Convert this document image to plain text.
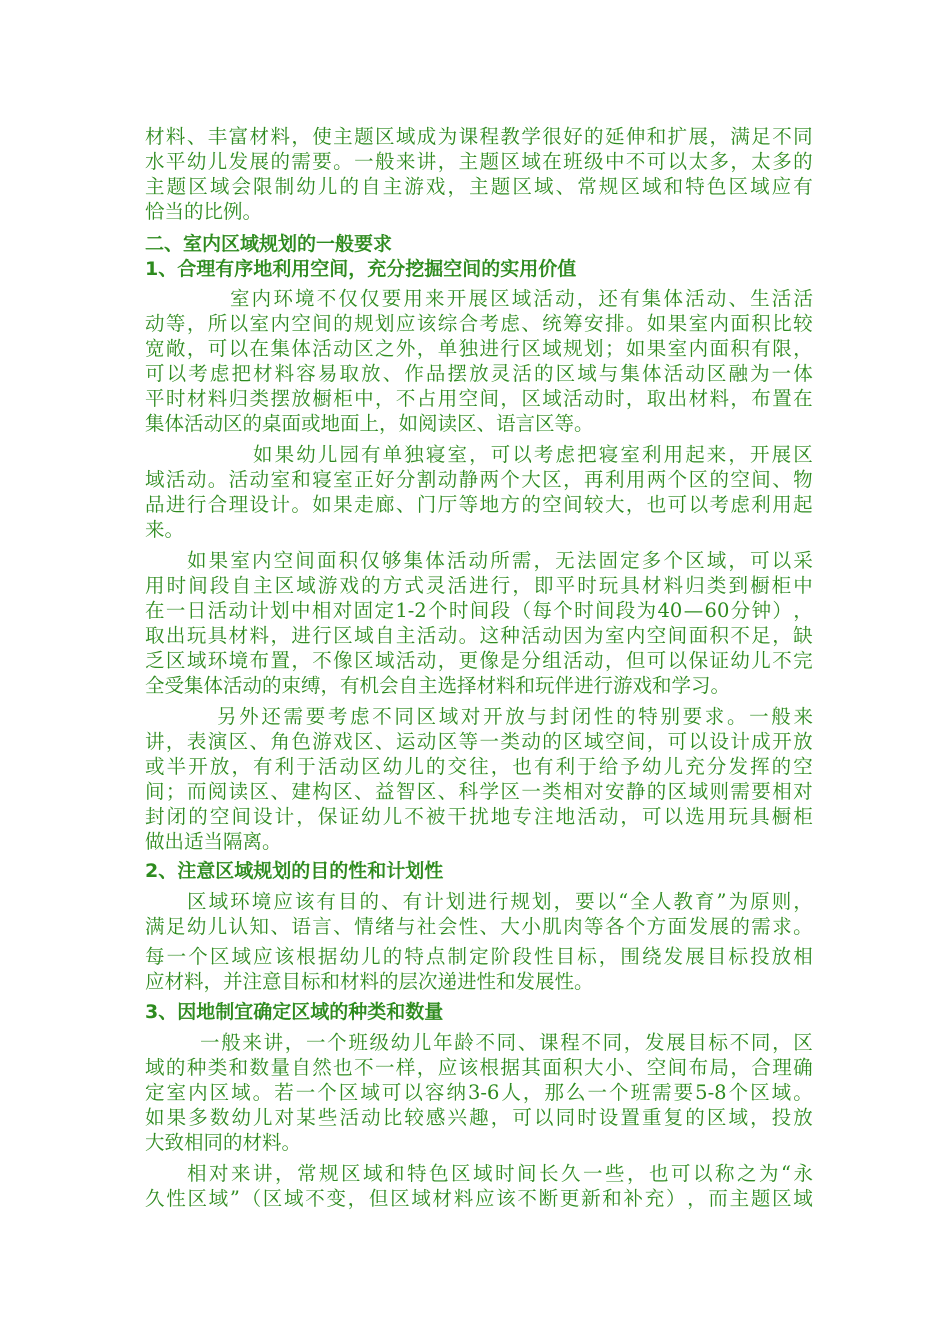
材 料 、 丰 富 材 料 ， 使 主 题 区 域 成 为 课 程 教 学 很 好 的 延 伸 和 扩 展 ， 满 足 不 同
水 平 幼 儿 发 展 的 需 要 。 一 般 来 讲 ， 主 题 区 域 在 班 级 中 不 可 以 太 多 ， 太 多 的
主 题 区 域 会 限 制 幼 儿 的 自 主 游 戏 ， 主 题 区 域 、 常 规 区 域 和 特 色 区 域 应 有
恰当的比例。
二、室内区域规划的一般要求
1、合理有序地利用空间，充分挖掘空间的实用价值
室 内 环 境 不 仅 仅 要 用 来 开 展 区 域 活 动 ， 还 有 集 体 活 动 、 生 活 活
动 等 ， 所 以 室 内 空 间 的 规 划 应 该 综 合 考 虑 、 统 筹 安 排 。 如 果 室 内 面 积 比 较
宽 敞 ， 可 以 在 集 体 活 动 区 之 外 ， 单 独 进 行 区 域 规 划 ； 如 果 室 内 面 积 有 限 ，
可 以 考 虑 把 材 料 容 易 取 放 、 作 品 摆 放 灵 活 的 区 域 与 集 体 活 动 区 融 为 一 体
平 时 材 料 归 类 摆 放 橱 柜 中 ， 不 占 用 空 间 ， 区 域 活 动 时 ， 取 出 材 料 ， 布 置 在
集体活动区的桌面或地面上，如阅读区、语言区等。
如 果 幼 儿 园 有 单 独 寝 室 ， 可 以 考 虑 把 寝 室 利 用 起 来 ， 开 展 区
域 活 动 。 活 动 室 和 寝 室 正 好 分 割 动 静 两 个 大 区 ， 再 利 用 两 个 区 的 空 间 、 物
品 进 行 合 理 设 计 。 如 果 走 廊 、 门 厅 等 地 方 的 空 间 较 大 ， 也 可 以 考 虑 利 用 起
来。
如 果 室 内 空 间 面 积 仅 够 集 体 活 动 所 需 ， 无 法 固 定 多 个 区 域 ， 可 以 采
用 时 间 段 自 主 区 域 游 戏 的 方 式 灵 活 进 行 ， 即 平 时 玩 具 材 料 归 类 到 橱 柜 中
在 一 日 活 动 计 划 中 相 对 固 定 1-2 个 时 间 段 （ 每 个 时 间 段 为 40 — 60 分 钟 ） ，
取 出 玩 具 材 料 ， 进 行 区 域 自 主 活 动 。 这 种 活 动 因 为 室 内 空 间 面 积 不 足 ， 缺
乏 区 域 环 境 布 置 ， 不 像 区 域 活 动 ， 更 像 是 分 组 活 动 ， 但 可 以 保 证 幼 儿 不 完
全受集体活动的束缚，有机会自主选择材料和玩伴进行游戏和学习。
另 外 还 需 要 考 虑 不 同 区 域 对 开 放 与 封 闭 性 的 特 别 要 求 。 一 般 来
讲 ， 表 演 区 、 角 色 游 戏 区 、 运 动 区 等 一 类 动 的 区 域 空 间 ， 可 以 设 计 成 开 放
或 半 开 放 ， 有 利 于 活 动 区 幼 儿 的 交 往 ， 也 有 利 于 给 予 幼 儿 充 分 发 挥 的 空
间 ； 而 阅 读 区 、 建 构 区 、 益 智 区 、 科 学 区 一 类 相 对 安 静 的 区 域 则 需 要 相 对
封 闭 的 空 间 设 计 ， 保 证 幼 儿 不 被 干 扰 地 专 注 地 活 动 ， 可 以 选 用 玩 具 橱 柜
做出适当隔离。
2、注意区域规划的目的性和计划性
区 域 环 境 应 该 有 目 的 、 有 计 划 进 行 规 划 ， 要 以 “ 全 人 教 育 ” 为 原 则 ，
满 足 幼 儿 认 知 、 语 言 、 情 绪 与 社 会 性 、 大 小 肌 肉 等 各 个 方 面 发 展 的 需 求 。
每 一 个 区 域 应 该 根 据 幼 儿 的 特 点 制 定 阶 段 性 目 标 ， 围 绕 发 展 目 标 投 放 相
应材料，并注意目标和材料的层次递进性和发展性。
3、因地制宜确定区域的种类和数量
一 般 来 讲 ， 一 个 班 级 幼 儿 年 龄 不 同 、 课 程 不 同 ， 发 展 目 标 不 同 ， 区
域 的 种 类 和 数 量 自 然 也 不 一 样 ， 应 该 根 据 其 面 积 大 小 、 空 间 布 局 ， 合 理 确
定 室 内 区 域 。 若 一 个 区 域 可 以 容 纳 3-6 人 ， 那 么 一 个 班 需 要 5-8 个 区 域 。
如 果 多 数 幼 儿 对 某 些 活 动 比 较 感 兴 趣 ， 可 以 同 时 设 置 重 复 的 区 域 ， 投 放
大致相同的材料。
相 对 来 讲 ， 常 规 区 域 和 特 色 区 域 时 间 长 久 一 些 ， 也 可 以 称 之 为 “ 永
久 性 区 域 ” （ 区 域 不 变 ， 但 区 域 材 料 应 该 不 断 更 新 和 补 充 ） ， 而 主 题 区 域
